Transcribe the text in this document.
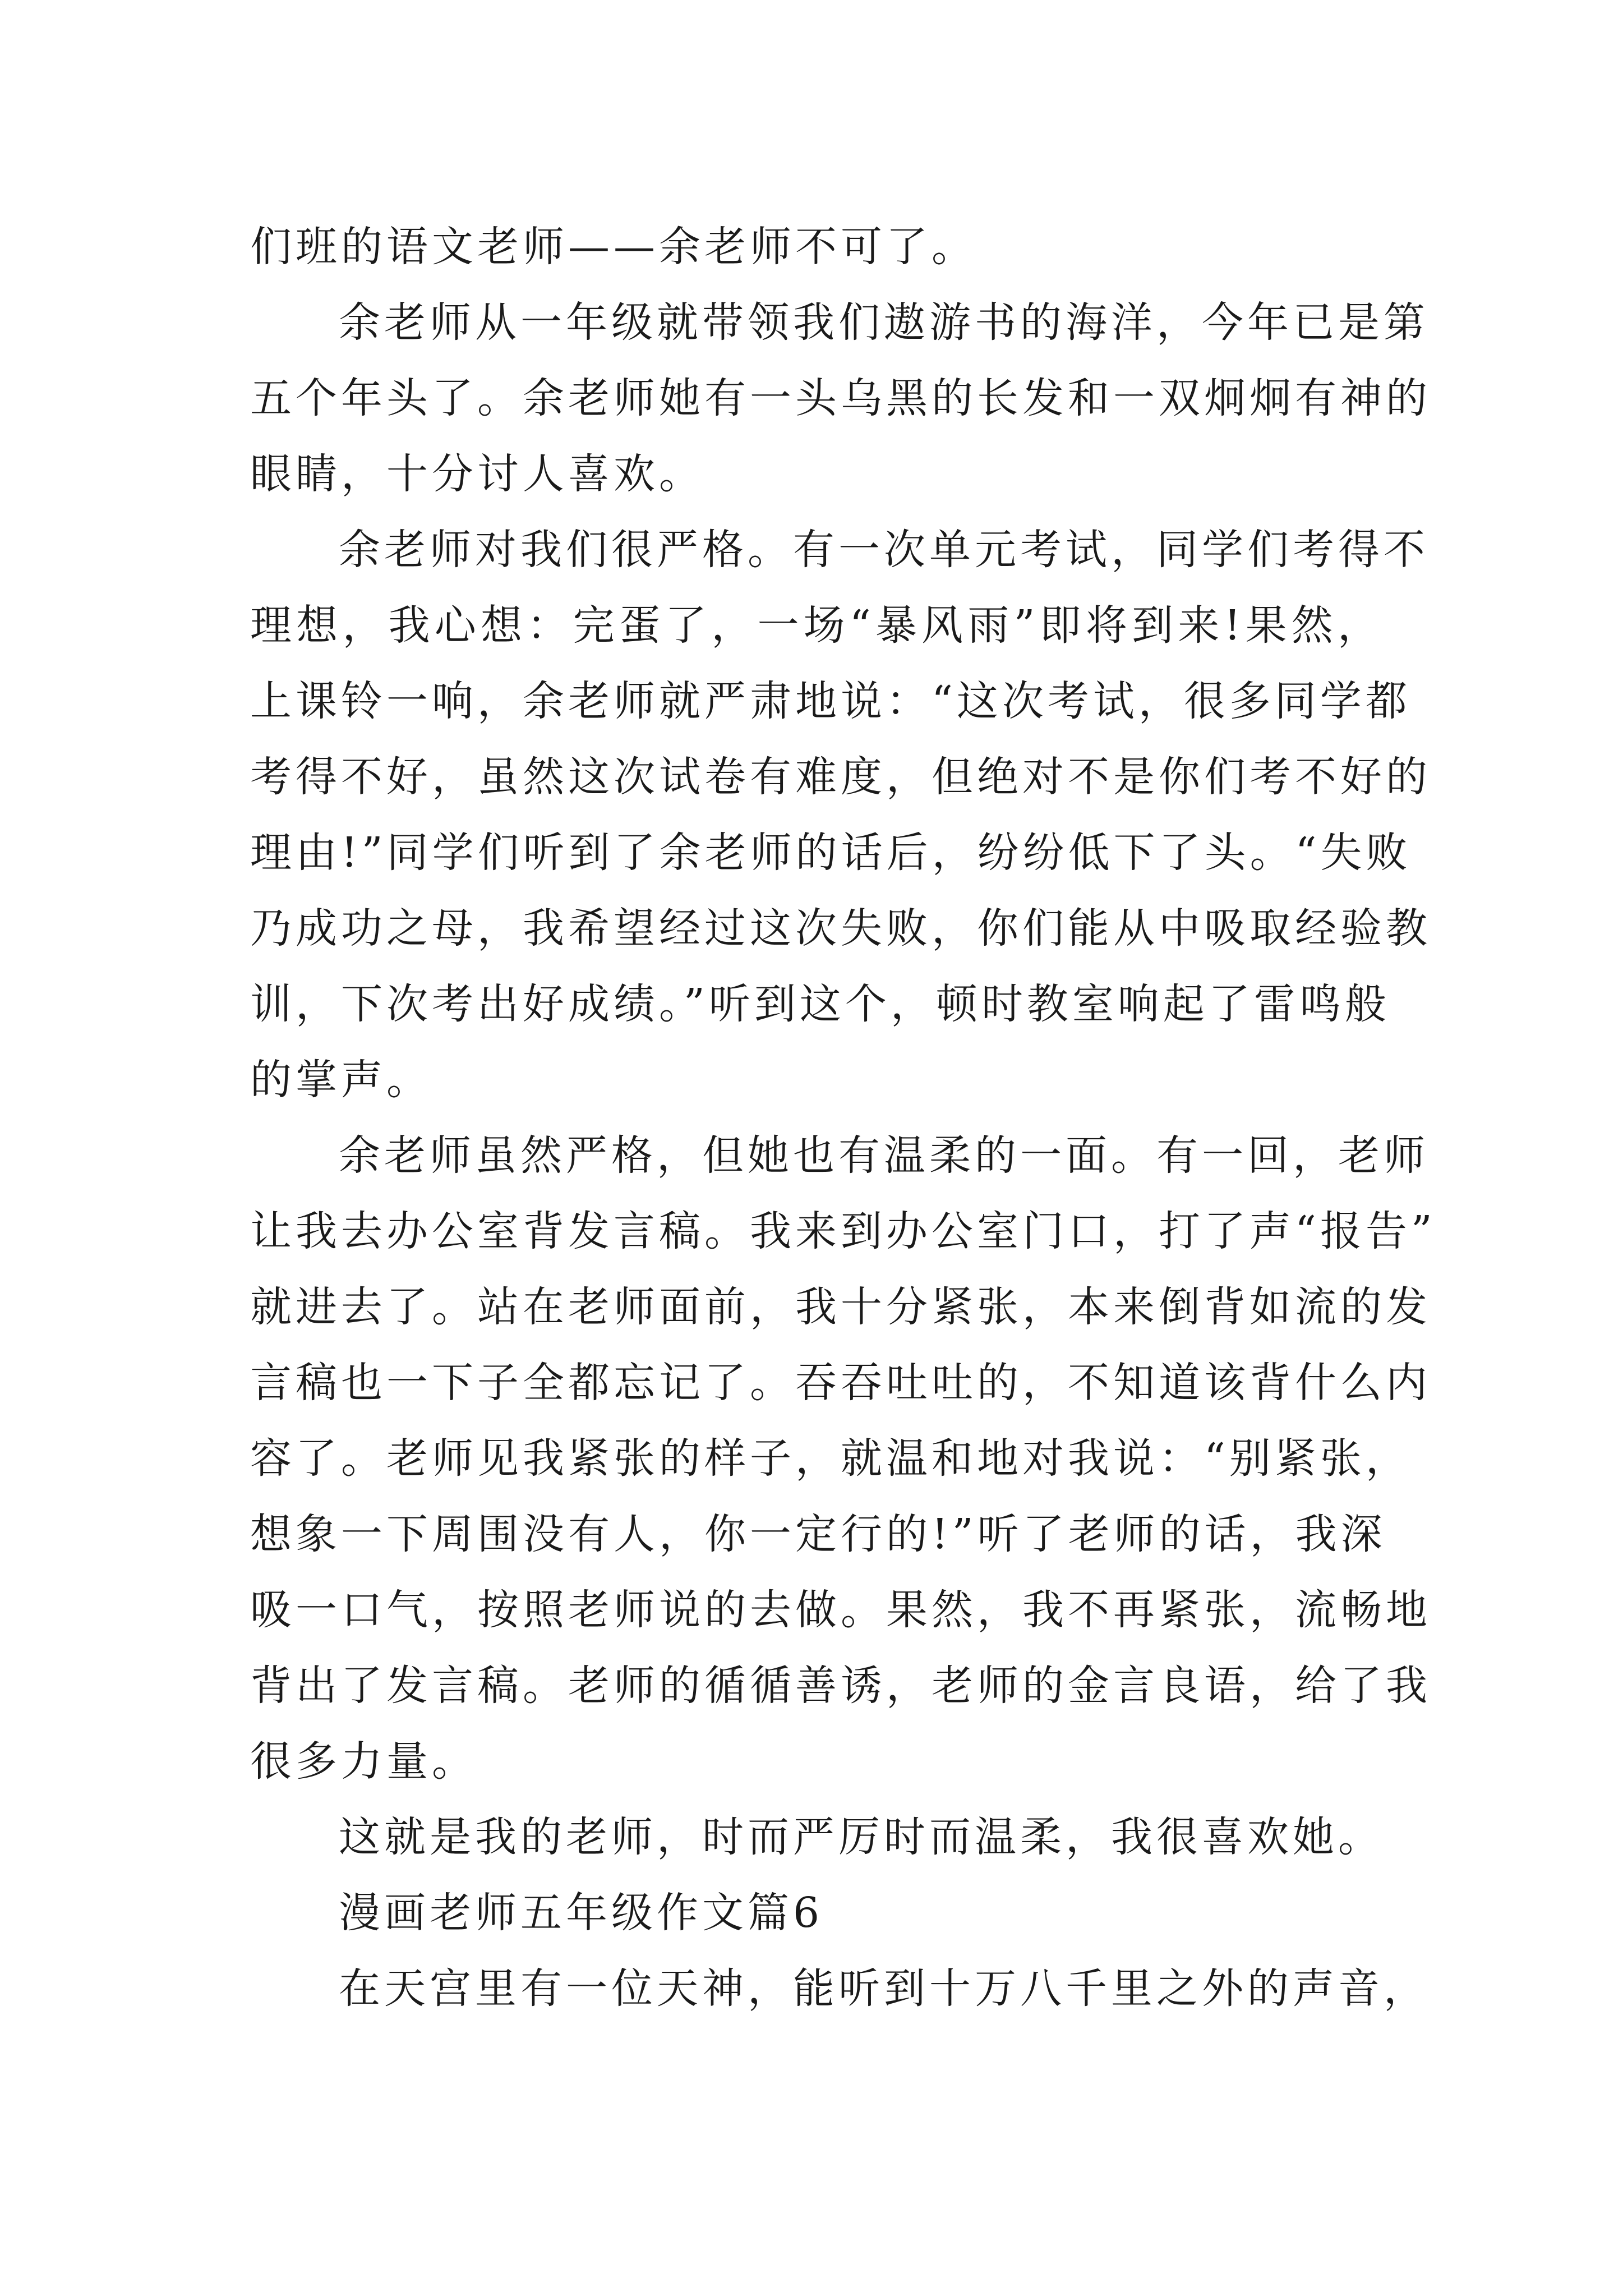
们班的语文老师——余老师不可了。
余老师从一年级就带领我们遨游书的海洋，今年已是第
五个年头了。余老师她有一头乌黑的长发和一双炯炯有神的
眼睛，十分讨人喜欢。
余老师对我们很严格。有一次单元考试，同学们考得不
理想，我心想：完蛋了，一场“暴风雨”即将到来!果然，
上课铃一响，余老师就严肃地说：“这次考试，很多同学都
考得不好，虽然这次试卷有难度，但绝对不是你们考不好的
理由!”同学们听到了余老师的话后，纷纷低下了头。“失败
乃成功之母，我希望经过这次失败，你们能从中吸取经验教
训，下次考出好成绩。”听到这个，顿时教室响起了雷鸣般
的掌声。
余老师虽然严格，但她也有温柔的一面。有一回，老师
让我去办公室背发言稿。我来到办公室门口，打了声“报告”
就进去了。站在老师面前，我十分紧张，本来倒背如流的发
言稿也一下子全都忘记了。吞吞吐吐的，不知道该背什么内
容了。老师见我紧张的样子，就温和地对我说：“别紧张，
想象一下周围没有人，你一定行的!”听了老师的话，我深
吸一口气，按照老师说的去做。果然，我不再紧张，流畅地
背出了发言稿。老师的循循善诱，老师的金言良语，给了我
很多力量。
这就是我的老师，时而严厉时而温柔，我很喜欢她。
漫画老师五年级作文篇6
在天宫里有一位天神，能听到十万八千里之外的声音，
